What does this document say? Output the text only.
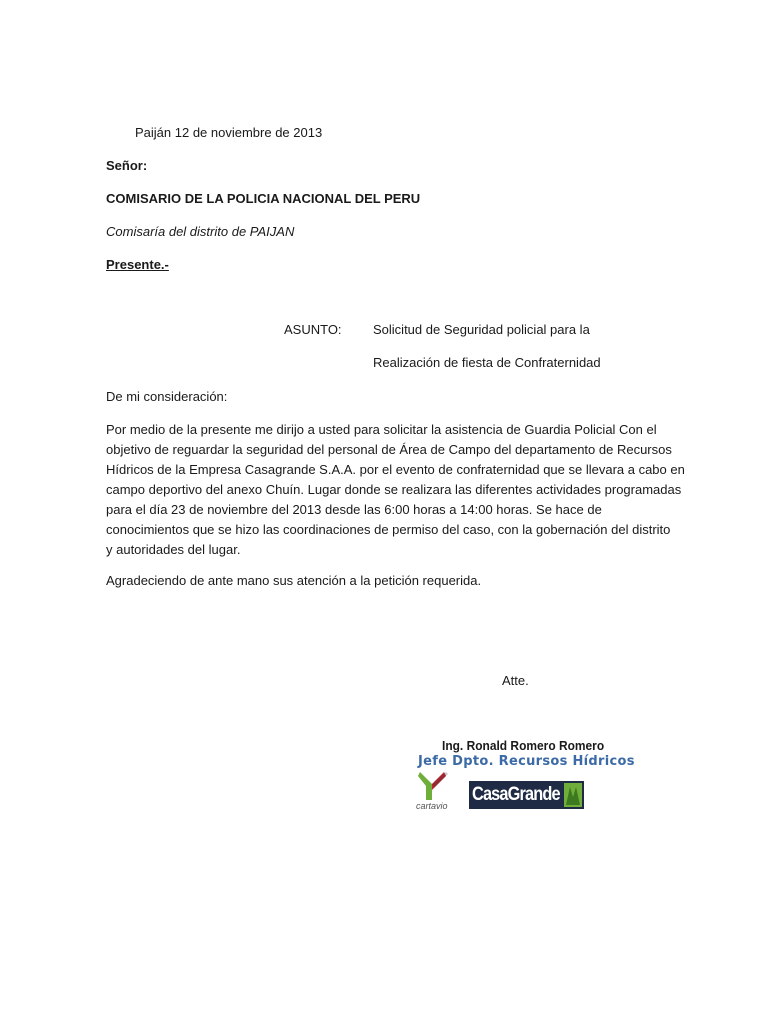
Paiján 12 de noviembre de 2013
Señor:
COMISARIO DE LA POLICIA NACIONAL DEL PERU
Comisaría del distrito de PAIJAN
Presente.-
ASUNTO: Solicitud de Seguridad policial para la
Realización de fiesta de Confraternidad
De mi consideración:
Por medio de la presente me dirijo a usted para solicitar la asistencia de Guardia Policial Con el
objetivo de reguardar la seguridad del personal de Área de Campo del departamento de Recursos
Hídricos de la Empresa Casagrande S.A.A. por el evento de confraternidad que se llevara a cabo en
campo deportivo del anexo Chuín. Lugar donde se realizara las diferentes actividades programadas
para el día 23 de noviembre del 2013 desde las 6:00 horas a 14:00 horas. Se hace de
conocimientos que se hizo las coordinaciones de permiso del caso, con la gobernación del distrito
y autoridades del lugar.
Agradeciendo de ante mano sus atención a la petición requerida.
Atte.
Ing. Ronald Romero Romero
Jefe Dpto. Recursos Hídricos
cartavio
CasaGrande
